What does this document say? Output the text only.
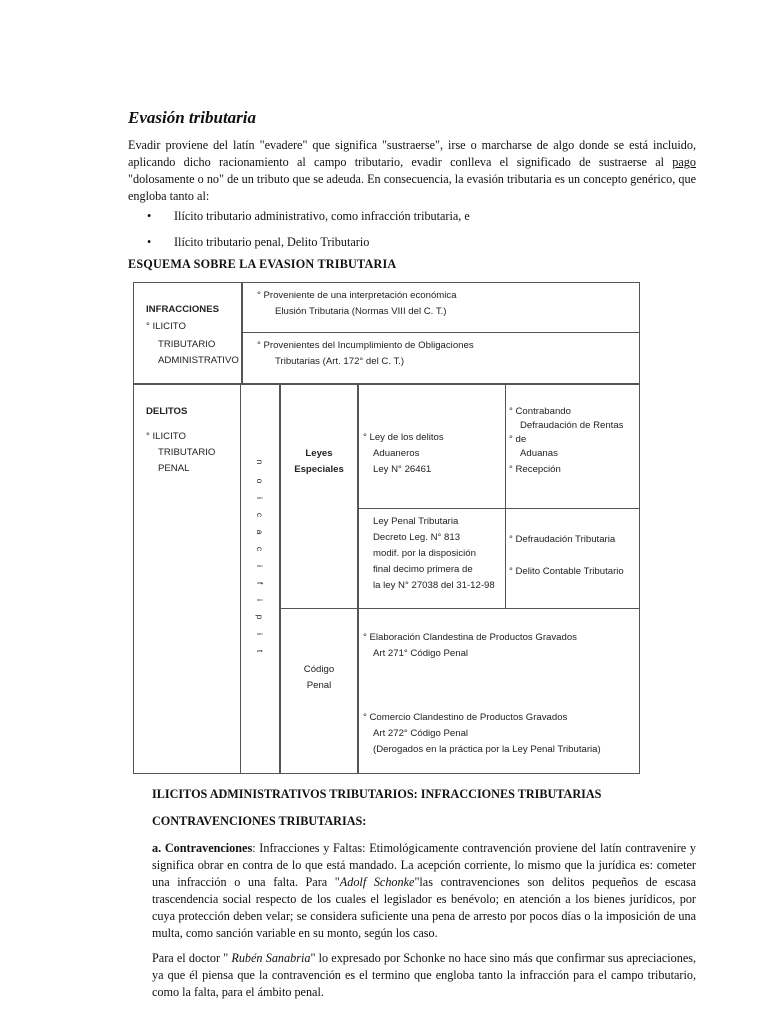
Evasión tributaria
Evadir proviene del latín "evadere" que significa "sustraerse", irse o marcharse de algo donde se está incluido, aplicando dicho racionamiento al campo tributario, evadir conlleva el significado de sustraerse al pago "dolosamente o no" de un tributo que se adeuda. En consecuencia, la evasión tributaria es un concepto genérico, que engloba tanto al:
• Ilícito tributario administrativo, como infracción tributaria, e
• Ilícito tributario penal, Delito Tributario
ESQUEMA SOBRE LA EVASION TRIBUTARIA
INFRACCIONES
° ILICITO
TRIBUTARIO
ADMINISTRATIVO
° Proveniente de una interpretación económica
Elusión Tributaria (Normas VIII del C. T.)
° Provenientes del Incumplimiento de Obligaciones
Tributarias (Art. 172° del C. T.)
DELITOS
° ILICITO
TRIBUTARIO
PENAL
n
o
i
c
a
c
i
f
i
p
i
t
Leyes
Especiales
° Ley de los delitos
Aduaneros
Ley N° 26461
° Contrabando
Defraudación de Rentas
° de
Aduanas
° Recepción
Ley Penal Tributaria
Decreto Leg. N° 813
modif. por la disposición
final decimo primera de
la ley N° 27038 del 31-12-98
° Defraudación Tributaria
° Delito Contable Tributario
Código
Penal
° Elaboración Clandestina de Productos Gravados
Art 271° Código Penal
° Comercio Clandestino de Productos Gravados
Art 272° Código Penal
(Derogados en la práctica por la Ley Penal Tributaria)
ILICITOS ADMINISTRATIVOS TRIBUTARIOS: INFRACCIONES TRIBUTARIAS
CONTRAVENCIONES TRIBUTARIAS:
a. Contravenciones: Infracciones y Faltas: Etimológicamente contravención proviene del latín contravenire y significa obrar en contra de lo que está mandado. La acepción corriente, lo mismo que la jurídica es: cometer una infracción o una falta. Para "Adolf Schonke"las contravenciones son delitos pequeños de escasa trascendencia social respecto de los cuales el legislador es benévolo; en atención a los bienes jurídicos, por cuya protección deben velar; se considera suficiente una pena de arresto por pocos días o la imposición de una multa, como sanción variable en su monto, según los caso.
Para el doctor " Rubén Sanabria" lo expresado por Schonke no hace sino más que confirmar sus apreciaciones, ya que él piensa que la contravención es el termino que engloba tanto la infracción para el campo tributario, como la falta, para el ámbito penal.
